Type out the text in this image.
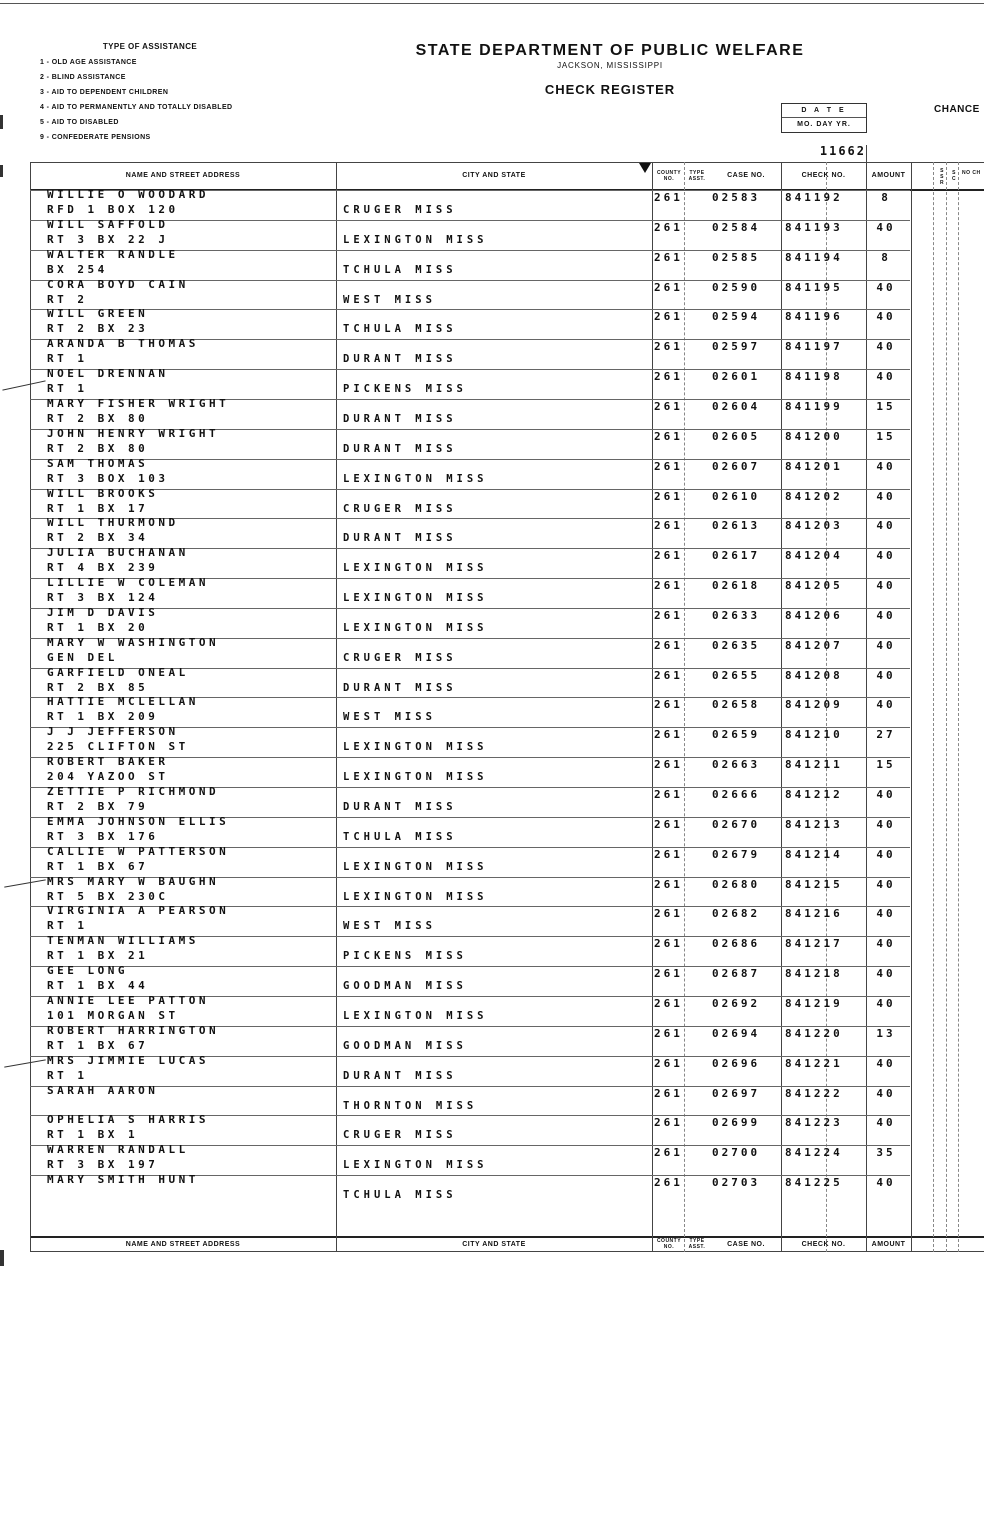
TYPE OF ASSISTANCE
1 - OLD AGE ASSISTANCE
2 - BLIND ASSISTANCE
3 - AID TO DEPENDENT CHILDREN
4 - AID TO PERMANENTLY AND TOTALLY DISABLED
5 - AID TO DISABLED
9 - CONFEDERATE PENSIONS
STATE DEPARTMENT OF PUBLIC WELFARE
JACKSON, MISSISSIPPI
CHECK REGISTER
D A T E
MO. DAY YR.
CHANCE
11662
NAME AND STREET ADDRESS	CITY AND STATE	COUNTY NO.
TYPE ASST.	CASE NO.	CHECK NO.	AMOUNT
S S R
S C
NO CH
NAME AND STREET ADDRESS	CITY AND STATE	COUNTY NO.
TYPE ASST.	CASE NO.	CHECK NO.	AMOUNT
WILLIE O WOODARD
RFD 1 BOX 120	CRUGER MISS
261	02583 841192	8
WILL SAFFOLD
RT 3 BX 22 J	LEXINGTON MISS
261	02584 841193	40
WALTER RANDLE
BX 254	TCHULA MISS
261	02585 841194	8
CORA BOYD CAIN
RT 2	WEST MISS
261	02590 841195	40
WILL GREEN
RT 2 BX 23	TCHULA MISS
261	02594 841196	40
ARANDA B THOMAS
RT 1	DURANT MISS
261	02597 841197	40
NOEL DRENNAN
RT 1	PICKENS MISS
261	02601 841198	40
MARY FISHER WRIGHT
RT 2 BX 80	DURANT MISS
261	02604 841199	15
JOHN HENRY WRIGHT
RT 2 BX 80	DURANT MISS
261	02605 841200	15
SAM THOMAS
RT 3 BOX 103	LEXINGTON MISS
261	02607 841201	40
WILL BROOKS
RT 1 BX 17	CRUGER MISS
261	02610 841202	40
WILL THURMOND
RT 2 BX 34	DURANT MISS
261	02613 841203	40
JULIA BUCHANAN
RT 4 BX 239	LEXINGTON MISS
261	02617 841204	40
LILLIE W COLEMAN
RT 3 BX 124	LEXINGTON MISS
261	02618 841205	40
JIM D DAVIS
RT 1 BX 20	LEXINGTON MISS
261	02633 841206	40
MARY W WASHINGTON
GEN DEL	CRUGER MISS
261	02635 841207	40
GARFIELD ONEAL
RT 2 BX 85	DURANT MISS
261	02655 841208	40
HATTIE MCLELLAN
RT 1 BX 209	WEST MISS
261	02658 841209	40
J J JEFFERSON
225 CLIFTON ST	LEXINGTON MISS
261	02659 841210	27
ROBERT BAKER
204 YAZOO ST	LEXINGTON MISS
261	02663 841211	15
ZETTIE P RICHMOND
RT 2 BX 79	DURANT MISS
261	02666 841212	40
EMMA JOHNSON ELLIS
RT 3 BX 176	TCHULA MISS
261	02670 841213	40
CALLIE W PATTERSON
RT 1 BX 67	LEXINGTON MISS
261	02679 841214	40
MRS MARY W BAUGHN
RT 5 BX 230C	LEXINGTON MISS
261	02680 841215	40
VIRGINIA A PEARSON
RT 1	WEST MISS
261	02682 841216	40
TENMAN WILLIAMS
RT 1 BX 21	PICKENS MISS
261	02686 841217	40
GEE LONG
RT 1 BX 44	GOODMAN MISS
261	02687 841218	40
ANNIE LEE PATTON
101 MORGAN ST	LEXINGTON MISS
261	02692 841219	40
ROBERT HARRINGTON
RT 1 BX 67	GOODMAN MISS
261	02694 841220	13
MRS JIMMIE LUCAS
RT 1	DURANT MISS
261	02696 841221	40
SARAH AARON
THORNTON MISS
261	02697 841222	40
OPHELIA S HARRIS
RT 1 BX 1	CRUGER MISS
261	02699 841223	40
WARREN RANDALL
RT 3 BX 197	LEXINGTON MISS
261	02700 841224	35
MARY SMITH HUNT
TCHULA MISS
261	02703 841225	40
